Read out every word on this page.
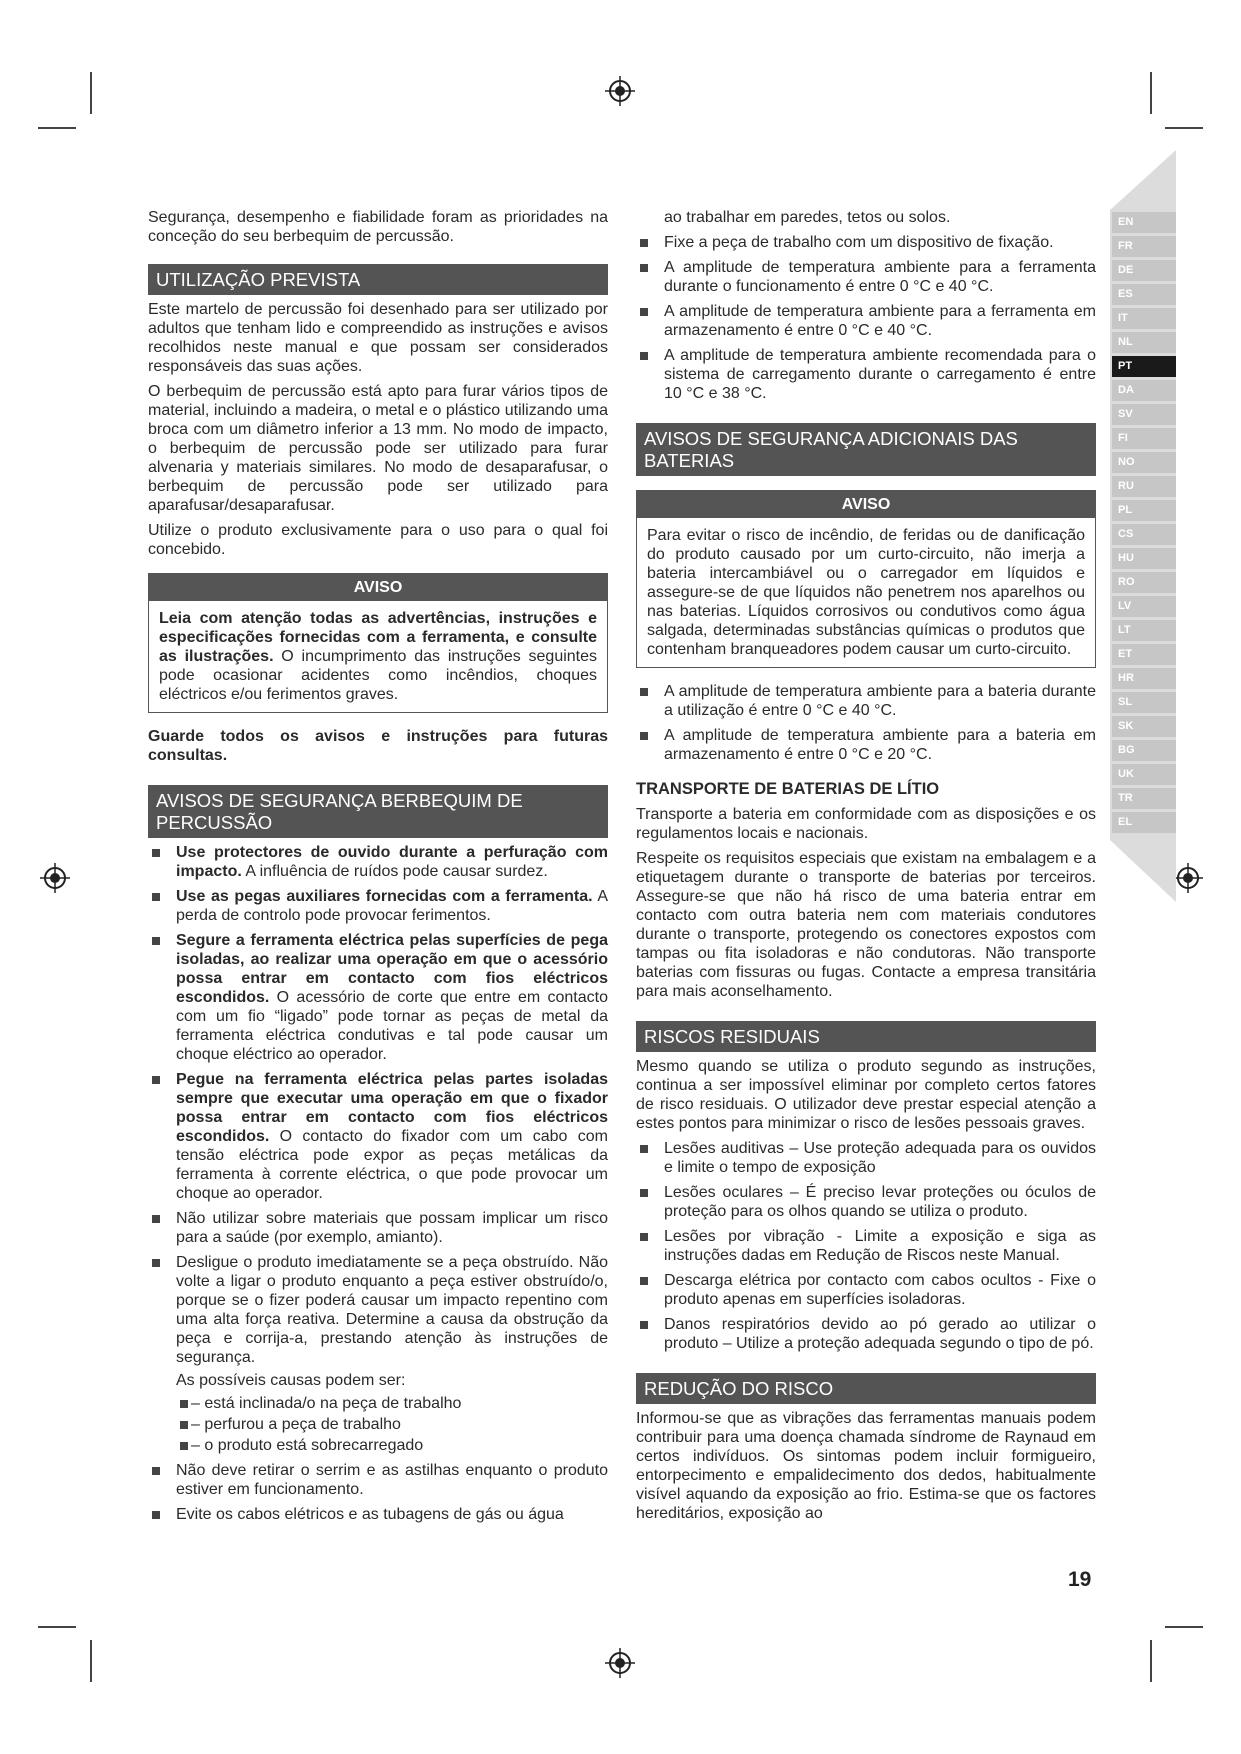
EN
FR
DE
ES
IT
NL
PT
DA
SV
FI
NO
RU
PL
CS
HU
RO
LV
LT
ET
HR
SL
SK
BG
UK
TR
EL

Segurança, desempenho e fiabilidade foram as prioridades na conceção do seu berbequim de percussão.

UTILIZAÇÃO PREVISTA

Este martelo de percussão foi desenhado para ser utilizado por adultos que tenham lido e compreendido as instruções e avisos recolhidos neste manual e que possam ser considerados responsáveis das suas ações.

O berbequim de percussão está apto para furar vários tipos de material, incluindo a madeira, o metal e o plástico utilizando uma broca com um diâmetro inferior a 13 mm. No modo de impacto, o berbequim de percussão pode ser utilizado para furar alvenaria y materiais similares. No modo de desaparafusar, o berbequim de percussão pode ser utilizado para aparafusar/desaparafusar.

Utilize o produto exclusivamente para o uso para o qual foi concebido.

AVISO

Leia com atenção todas as advertências, instruções e especificações fornecidas com a ferramenta, e consulte as ilustrações. O incumprimento das instruções seguintes pode ocasionar acidentes como incêndios, choques eléctricos e/ou ferimentos graves.

Guarde todos os avisos e instruções para futuras consultas.

AVISOS DE SEGURANÇA BERBEQUIM DE PERCUSSÃO
Use protectores de ouvido durante a perfuração com impacto. A influência de ruídos pode causar surdez.
Use as pegas auxiliares fornecidas com a ferramenta. A perda de controlo pode provocar ferimentos.
Segure a ferramenta eléctrica pelas superfícies de pega isoladas, ao realizar uma operação em que o acessório possa entrar em contacto com fios eléctricos escondidos. O acessório de corte que entre em contacto com um fio “ligado” pode tornar as peças de metal da ferramenta eléctrica condutivas e tal pode causar um choque eléctrico ao operador.
Pegue na ferramenta eléctrica pelas partes isoladas sempre que executar uma operação em que o fixador possa entrar em contacto com fios eléctricos escondidos. O contacto do fixador com um cabo com tensão eléctrica pode expor as peças metálicas da ferramenta à corrente eléctrica, o que pode provocar um choque ao operador.
Não utilizar sobre materiais que possam implicar um risco para a saúde (por exemplo, amianto).
Desligue o produto imediatamente se a peça obstruído. Não volte a ligar o produto enquanto a peça estiver obstruído/o, porque se o fizer poderá causar um impacto repentino com uma alta força reativa. Determine a causa da obstrução da peça e corrija-a, prestando atenção às instruções de segurança.
As possíveis causas podem ser:
– está inclinada/o na peça de trabalho
– perfurou a peça de trabalho
– o produto está sobrecarregado
Não deve retirar o serrim e as astilhas enquanto o produto estiver em funcionamento.
Evite os cabos elétricos e as tubagens de gás ou água

ao trabalhar em paredes, tetos ou solos.

Fixe a peça de trabalho com um dispositivo de fixação.
A amplitude de temperatura ambiente para a ferramenta durante o funcionamento é entre 0 °C e 40 °C.
A amplitude de temperatura ambiente para a ferramenta em armazenamento é entre 0 °C e 40 °C.
A amplitude de temperatura ambiente recomendada para o sistema de carregamento durante o carregamento é entre 10 °C e 38 °C.
AVISOS DE SEGURANÇA ADICIONAIS DAS BATERIAS
AVISO

Para evitar o risco de incêndio, de feridas ou de danificação do produto causado por um curto-circuito, não imerja a bateria intercambiável ou o carregador em líquidos e assegure-se de que líquidos não penetrem nos aparelhos ou nas baterias. Líquidos corrosivos ou condutivos como água salgada, determinadas substâncias químicas o produtos que contenham branqueadores podem causar um curto-circuito.

A amplitude de temperatura ambiente para a bateria durante a utilização é entre 0 °C e 40 °C.
A amplitude de temperatura ambiente para a bateria em armazenamento é entre 0 °C e 20 °C.
TRANSPORTE DE BATERIAS DE LÍTIO

Transporte a bateria em conformidade com as disposições e os regulamentos locais e nacionais.

Respeite os requisitos especiais que existam na embalagem e a etiquetagem durante o transporte de baterias por terceiros. Assegure-se que não há risco de uma bateria entrar em contacto com outra bateria nem com materiais condutores durante o transporte, protegendo os conectores expostos com tampas ou fita isoladoras e não condutoras. Não transporte baterias com fissuras ou fugas. Contacte a empresa transitária para mais aconselhamento.

RISCOS RESIDUAIS

Mesmo quando se utiliza o produto segundo as instruções, continua a ser impossível eliminar por completo certos fatores de risco residuais. O utilizador deve prestar especial atenção a estes pontos para minimizar o risco de lesões pessoais graves.

Lesões auditivas – Use proteção adequada para os ouvidos e limite o tempo de exposição
Lesões oculares – É preciso levar proteções ou óculos de proteção para os olhos quando se utiliza o produto.
Lesões por vibração - Limite a exposição e siga as instruções dadas em Redução de Riscos neste Manual.
Descarga elétrica por contacto com cabos ocultos - Fixe o produto apenas em superfícies isoladoras.
Danos respiratórios devido ao pó gerado ao utilizar o produto – Utilize a proteção adequada segundo o tipo de pó.
REDUÇÃO DO RISCO

Informou-se que as vibrações das ferramentas manuais podem contribuir para uma doença chamada síndrome de Raynaud em certos indivíduos. Os sintomas podem incluir formigueiro, entorpecimento e empalidecimento dos dedos, habitualmente visível aquando da exposição ao frio. Estima-se que os factores hereditários, exposição ao

19
